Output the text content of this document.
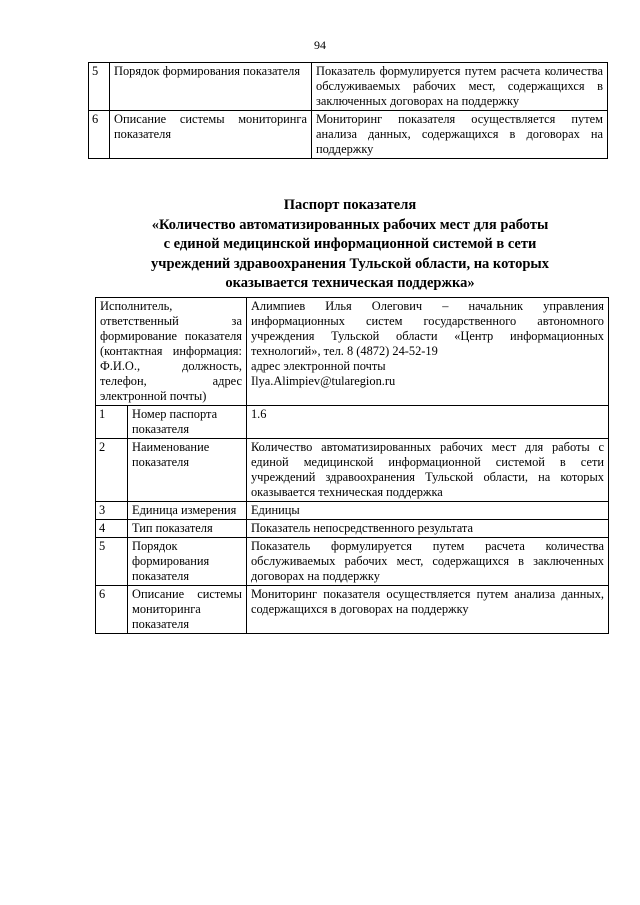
94
5	Порядок формирования показателя	Показатель формулируется путем расчета количества обслуживаемых рабочих мест, содержащихся в заключенных договорах на поддержку
6	Описание системы мониторинга показателя	Мониторинг показателя осуществляется путем анализа данных, содержащихся в договорах на поддержку
Паспорт показателя
«Количество автоматизированных рабочих мест для работы
с единой медицинской информационной системой в сети
учреждений здравоохранения Тульской области, на которых
оказывается техническая поддержка»
Исполнитель, ответственный за формирование показателя (контактная информация: Ф.И.О., должность, телефон, адрес электронной почты)		Алимпиев Илья Олегович – начальник управления информационных систем государственного автономного учреждения Тульской области «Центр информационных технологий», тел. 8 (4872) 24-52-19
адрес электронной почты
Ilya.Alimpiev@tularegion.ru

1	Номер паспорта показателя	1.6
2	Наименование показателя	Количество автоматизированных рабочих мест для работы с единой медицинской информационной системой в сети учреждений здравоохранения Тульской области, на которых оказывается техническая поддержка
3	Единица измерения	Единицы
4	Тип показателя	Показатель непосредственного результата
5	Порядок формирования показателя	Показатель формулируется путем расчета количества обслуживаемых рабочих мест, содержащихся в заключенных договорах на поддержку
6	Описание системы мониторинга показателя	Мониторинг показателя осуществляется путем анализа данных, содержащихся в договорах на поддержку
